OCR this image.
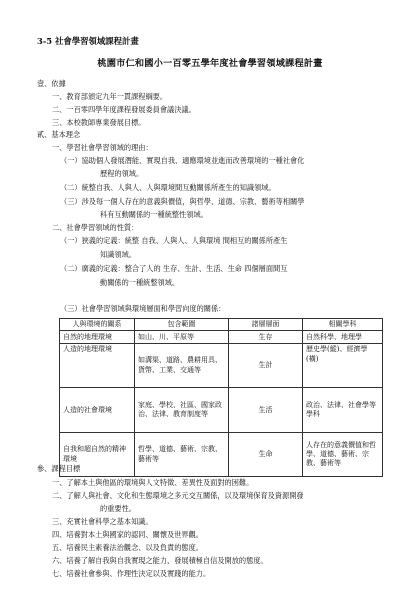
3-5 社會學習領域課程計畫
桃園市仁和國小一百零五學年度社會學習領域課程計畫
壹、依據
一、教育部頒定九年一貫課程綱要。
二、一百零四學年度課程發展委員會議決議。
三、本校教師專業發展目標。
貳、基本理念
一、學習社會學習領域的理由：
（一）協助個人發展潛能、實現自我、適應環境並進而改善環境的一種社會化
歷程的領域。
（二）統整自我、人與人、人與環境間互動關係所產生的知識領域。
（三）涉及每一個人存在的意義與價值，與哲學、道德、宗教、藝術等相關學
科有互動關係的一種統整性領域。
二、社會學習領域的性質：
（一）狹義的定義：統整 自我、人與人、人與環境 間相互的關係所產生
知識領域。
（二）廣義的定義：整合了人的 生存、生計、生活、生命 四個層面間互
動關係的一種統整領域。
（三）社會學習領域與環境層面和學習向度的關係：
人與環境的關系	包含範圍	諸層層面	相關學科
自然的地理環境	如山、川、平原等	生存	自然科學、地理學
人造的地理環境	如溝渠、道路、農耕用具、貨幣、工業、交通等	生計	歷史學(縱)、經濟學(橫)
人造的社會環境	家庭、學校、社區、國家政治、法律、教育制度等	生活	政治、法律、社會學等學科
自我和超自然的精神環境	哲學、道德、藝術、宗教、藝術等	生命	人存在的意義價值和哲學、道德、藝術、宗教、藝術等
參、課程目標
一、了解本土與他區的環境與人文特徵、差異性及面對的困難。
二、了解人與社會、文化和生態環境之多元交互關係，以及環境保育及資源開發
的重要性。
三、充實社會科學之基本知識。
四、培養對本土與國家的認同、關懷及世界觀。
五、培養民主素養法治觀念、以及負責的態度。
六、培養了解自我與自我實現之能力，發展積極自信及開放的態度。
七、培養社會參與、作理性決定以及實踐的能力。
